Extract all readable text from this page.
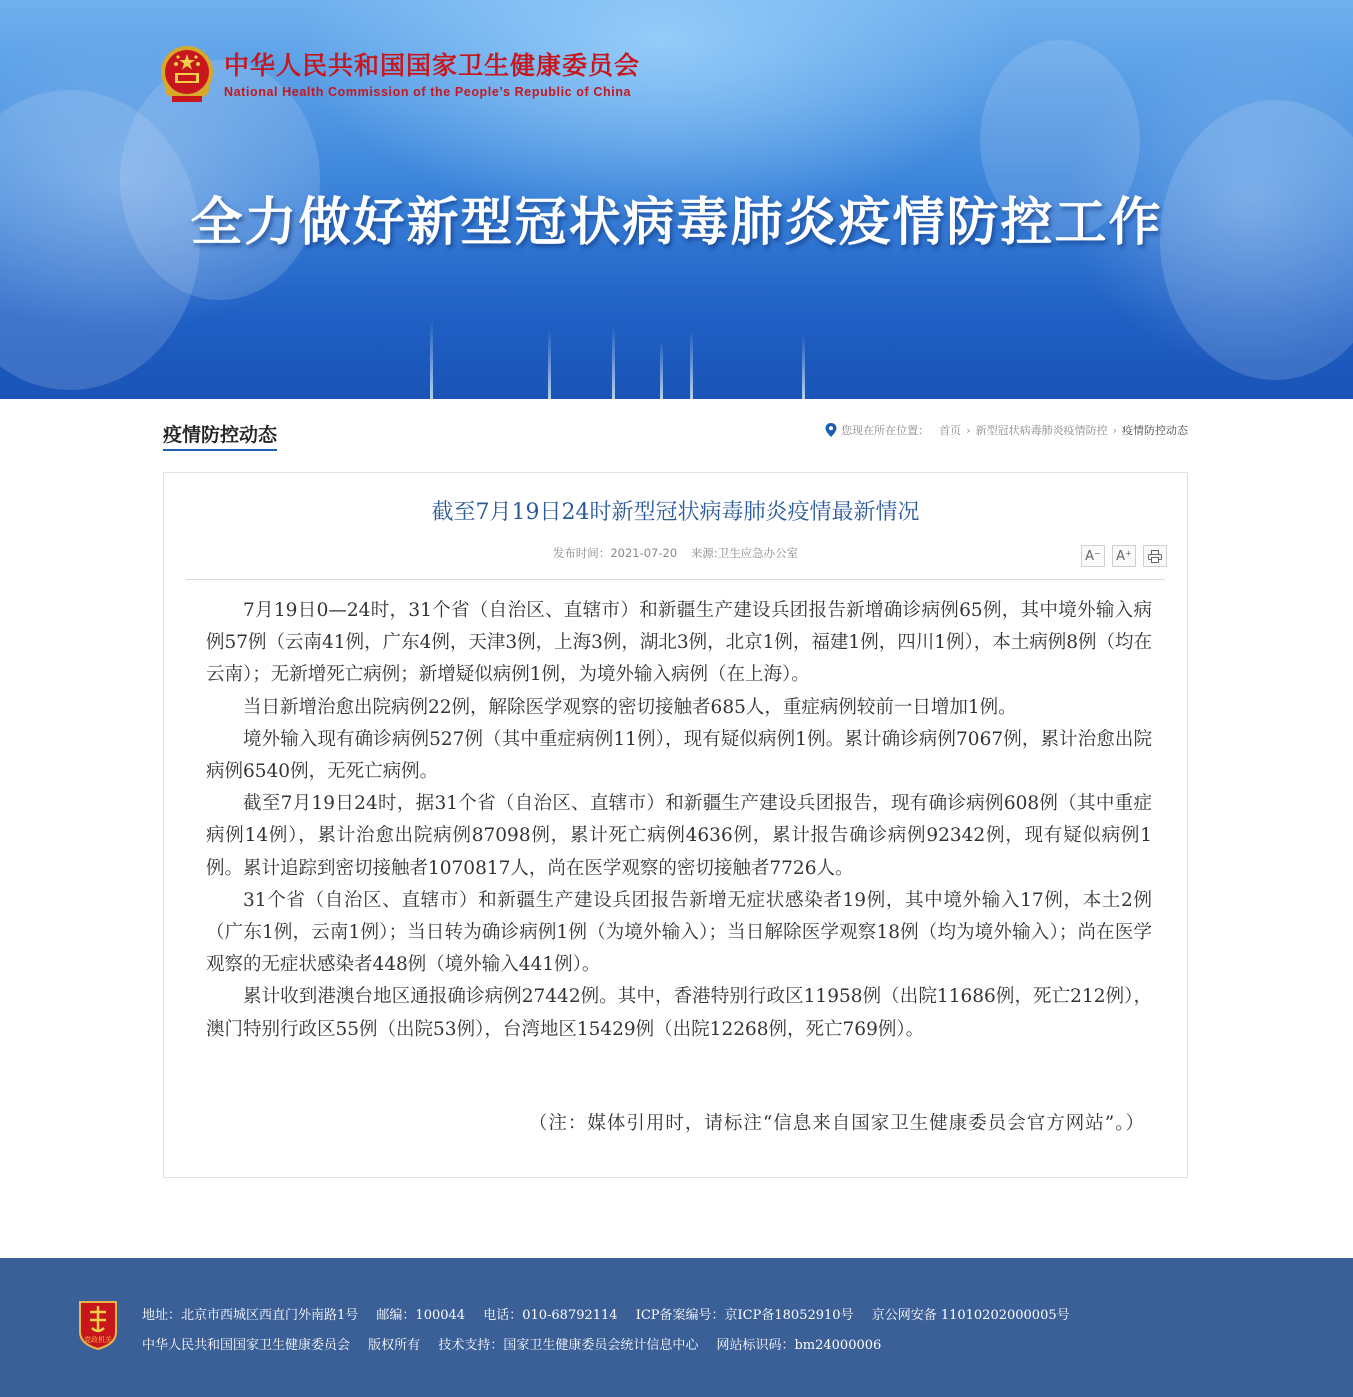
中华人民共和国国家卫生健康委员会
National Health Commission of the People’s Republic of China
全力做好新型冠状病毒肺炎疫情防控工作
疫情防控动态	您现在所在位置： 首页 › 新型冠状病毒肺炎疫情防控 › 疫情防控动态
截至7月19日24时新型冠状病毒肺炎疫情最新情况
发布时间：2021-07-20 来源:卫生应急办公室	A⁻	A⁺

7月19日0—24时，31个省（自治区、直辖市）和新疆生产建设兵团报告新增确诊病例65例，其中境外输入病例57例（云南41例，广东4例，天津3例，上海3例，湖北3例，北京1例，福建1例，四川1例），本土病例8例（均在云南）；无新增死亡病例；新增疑似病例1例，为境外输入病例（在上海）。

当日新增治愈出院病例22例，解除医学观察的密切接触者685人，重症病例较前一日增加1例。

境外输入现有确诊病例527例（其中重症病例11例），现有疑似病例1例。累计确诊病例7067例，累计治愈出院病例6540例，无死亡病例。

截至7月19日24时，据31个省（自治区、直辖市）和新疆生产建设兵团报告，现有确诊病例608例（其中重症病例14例），累计治愈出院病例87098例，累计死亡病例4636例，累计报告确诊病例92342例，现有疑似病例1例。累计追踪到密切接触者1070817人，尚在医学观察的密切接触者7726人。

31个省（自治区、直辖市）和新疆生产建设兵团报告新增无症状感染者19例，其中境外输入17例，本土2例（广东1例，云南1例）；当日转为确诊病例1例（为境外输入）；当日解除医学观察18例（均为境外输入）；尚在医学观察的无症状感染者448例（境外输入441例）。

累计收到港澳台地区通报确诊病例27442例。其中，香港特别行政区11958例（出院11686例，死亡212例），澳门特别行政区55例（出院53例），台湾地区15429例（出院12268例，死亡769例）。

（注：媒体引用时，请标注“信息来自国家卫生健康委员会官方网站”。）
党政机关
地址：北京市西城区西直门外南路1号 邮编：100044 电话：010-68792114 ICP备案编号：京ICP备18052910号 京公网安备 11010202000005号
中华人民共和国国家卫生健康委员会 版权所有 技术支持：国家卫生健康委员会统计信息中心 网站标识码：bm24000006
